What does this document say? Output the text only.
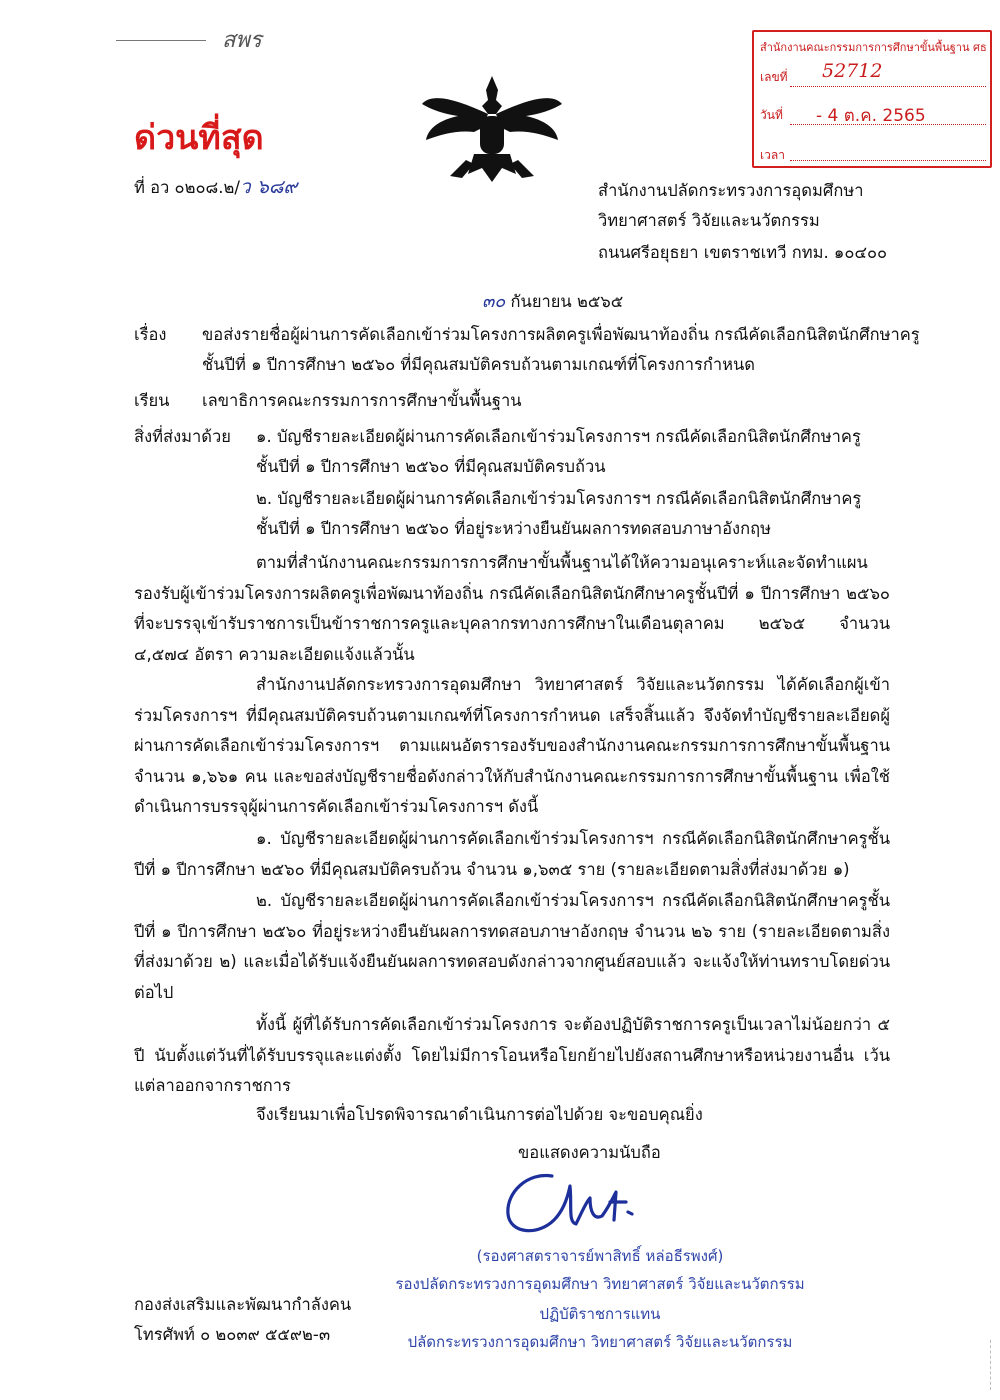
สพร
ด่วนที่สุด
ที่ อว ๐๒๐๘.๒/ว ๖๘๙
สำนักงานคณะกรรมการการศึกษาขั้นพื้นฐาน ศธ
เลขที่ 52712
วันที่ - 4 ต.ค. 2565
เวลา
สำนักงานปลัดกระทรวงการอุดมศึกษา
วิทยาศาสตร์ วิจัยและนวัตกรรม
ถนนศรีอยุธยา เขตราชเทวี กทม. ๑๐๔๐๐
๓๐ กันยายน ๒๕๖๕
เรื่อง ขอส่งรายชื่อผู้ผ่านการคัดเลือกเข้าร่วมโครงการผลิตครูเพื่อพัฒนาท้องถิ่น กรณีคัดเลือกนิสิตนักศึกษาครู
ชั้นปีที่ ๑ ปีการศึกษา ๒๕๖๐ ที่มีคุณสมบัติครบถ้วนตามเกณฑ์ที่โครงการกำหนด
เรียน เลขาธิการคณะกรรมการการศึกษาขั้นพื้นฐาน
สิ่งที่ส่งมาด้วย ๑. บัญชีรายละเอียดผู้ผ่านการคัดเลือกเข้าร่วมโครงการฯ กรณีคัดเลือกนิสิตนักศึกษาครู
ชั้นปีที่ ๑ ปีการศึกษา ๒๕๖๐ ที่มีคุณสมบัติครบถ้วน
๒. บัญชีรายละเอียดผู้ผ่านการคัดเลือกเข้าร่วมโครงการฯ กรณีคัดเลือกนิสิตนักศึกษาครู
ชั้นปีที่ ๑ ปีการศึกษา ๒๕๖๐ ที่อยู่ระหว่างยืนยันผลการทดสอบภาษาอังกฤษ
ตามที่สำนักงานคณะกรรมการการศึกษาขั้นพื้นฐานได้ให้ความอนุเคราะห์และจัดทำแผนรองรับผู้เข้าร่วมโครงการผลิตครูเพื่อพัฒนาท้องถิ่น กรณีคัดเลือกนิสิตนักศึกษาครูชั้นปีที่ ๑ ปีการศึกษา ๒๕๖๐ ที่จะบรรจุเข้ารับราชการเป็นข้าราชการครูและบุคลากรทางการศึกษาในเดือนตุลาคม ๒๕๖๕ จำนวน ๔,๕๗๔ อัตรา ความละเอียดแจ้งแล้วนั้น
สำนักงานปลัดกระทรวงการอุดมศึกษา วิทยาศาสตร์ วิจัยและนวัตกรรม ได้คัดเลือกผู้เข้าร่วมโครงการฯ ที่มีคุณสมบัติครบถ้วนตามเกณฑ์ที่โครงการกำหนด เสร็จสิ้นแล้ว จึงจัดทำบัญชีรายละเอียดผู้ผ่านการคัดเลือกเข้าร่วมโครงการฯ ตามแผนอัตรารองรับของสำนักงานคณะกรรมการการศึกษาขั้นพื้นฐาน จำนวน ๑,๖๖๑ คน และขอส่งบัญชีรายชื่อดังกล่าวให้กับสำนักงานคณะกรรมการการศึกษาขั้นพื้นฐาน เพื่อใช้ดำเนินการบรรจุผู้ผ่านการคัดเลือกเข้าร่วมโครงการฯ ดังนี้
๑. บัญชีรายละเอียดผู้ผ่านการคัดเลือกเข้าร่วมโครงการฯ กรณีคัดเลือกนิสิตนักศึกษาครูชั้นปีที่ ๑ ปีการศึกษา ๒๕๖๐ ที่มีคุณสมบัติครบถ้วน จำนวน ๑,๖๓๕ ราย (รายละเอียดตามสิ่งที่ส่งมาด้วย ๑)
๒. บัญชีรายละเอียดผู้ผ่านการคัดเลือกเข้าร่วมโครงการฯ กรณีคัดเลือกนิสิตนักศึกษาครูชั้นปีที่ ๑ ปีการศึกษา ๒๕๖๐ ที่อยู่ระหว่างยืนยันผลการทดสอบภาษาอังกฤษ จำนวน ๒๖ ราย (รายละเอียดตามสิ่งที่ส่งมาด้วย ๒) และเมื่อได้รับแจ้งยืนยันผลการทดสอบดังกล่าวจากศูนย์สอบแล้ว จะแจ้งให้ท่านทราบโดยด่วนต่อไป
ทั้งนี้ ผู้ที่ได้รับการคัดเลือกเข้าร่วมโครงการ จะต้องปฏิบัติราชการครูเป็นเวลาไม่น้อยกว่า ๕ ปี นับตั้งแต่วันที่ได้รับบรรจุและแต่งตั้ง โดยไม่มีการโอนหรือโยกย้ายไปยังสถานศึกษาหรือหน่วยงานอื่น เว้นแต่ลาออกจากราชการ
จึงเรียนมาเพื่อโปรดพิจารณาดำเนินการต่อไปด้วย จะขอบคุณยิ่ง
ขอแสดงความนับถือ
(รองศาสตราจารย์พาสิทธิ์ หล่อธีรพงศ์)
รองปลัดกระทรวงการอุดมศึกษา วิทยาศาสตร์ วิจัยและนวัตกรรม
ปฏิบัติราชการแทน
ปลัดกระทรวงการอุดมศึกษา วิทยาศาสตร์ วิจัยและนวัตกรรม
กองส่งเสริมและพัฒนากำลังคน
โทรศัพท์ ๐ ๒๐๓๙ ๕๕๙๒-๓
